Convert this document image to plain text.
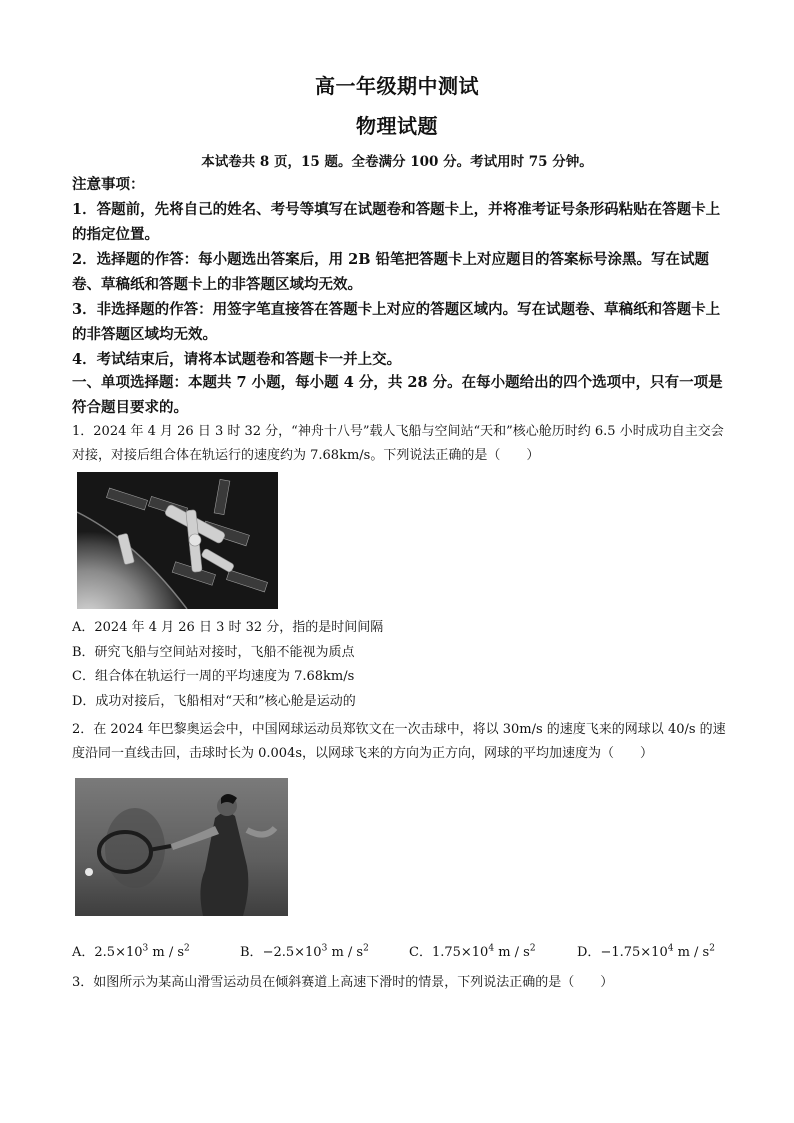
高一年级期中测试
物理试题
本试卷共 8 页，15 题。全卷满分 100 分。考试用时 75 分钟。

注意事项：

1．答题前，先将自己的姓名、考号等填写在试题卷和答题卡上，并将准考证号条形码粘贴在答题卡上的指定位置。

2．选择题的作答：每小题选出答案后，用 2B 铅笔把答题卡上对应题目的答案标号涂黑。写在试题卷、草稿纸和答题卡上的非答题区域均无效。

3．非选择题的作答：用签字笔直接答在答题卡上对应的答题区域内。写在试题卷、草稿纸和答题卡上的非答题区域均无效。

4．考试结束后，请将本试题卷和答题卡一并上交。

一、单项选择题：本题共 7 小题，每小题 4 分，共 28 分。在每小题给出的四个选项中，只有一项是符合题目要求的。
1．2024 年 4 月 26 日 3 时 32 分，“神舟十八号”载人飞船与空间站“天和”核心舱历时约 6.5 小时成功自主交会对接，对接后组合体在轨运行的速度约为 7.68km/s。下列说法正确的是（　　）
A．2024 年 4 月 26 日 3 时 32 分，指的是时间间隔
B．研究飞船与空间站对接时，飞船不能视为质点
C．组合体在轨运行一周的平均速度为 7.68km/s
D．成功对接后，飞船相对“天和”核心舱是运动的
2．在 2024 年巴黎奥运会中，中国网球运动员郑钦文在一次击球中，将以 30m/s 的速度飞来的网球以 40/s 的速度沿同一直线击回，击球时长为 0.004s，以网球飞来的方向为正方向，网球的平均加速度为（　　）
A．$2.5\times 10^3$ m / $s^2$	B．$-2.5\times 10^3$ m / $s^2$	C．$1.75\times 10^4$ m / $s^2$	D．$-1.75\times 10^4$ m / $s^2$
3．如图所示为某高山滑雪运动员在倾斜赛道上高速下滑时的情景，下列说法正确的是（　　）
